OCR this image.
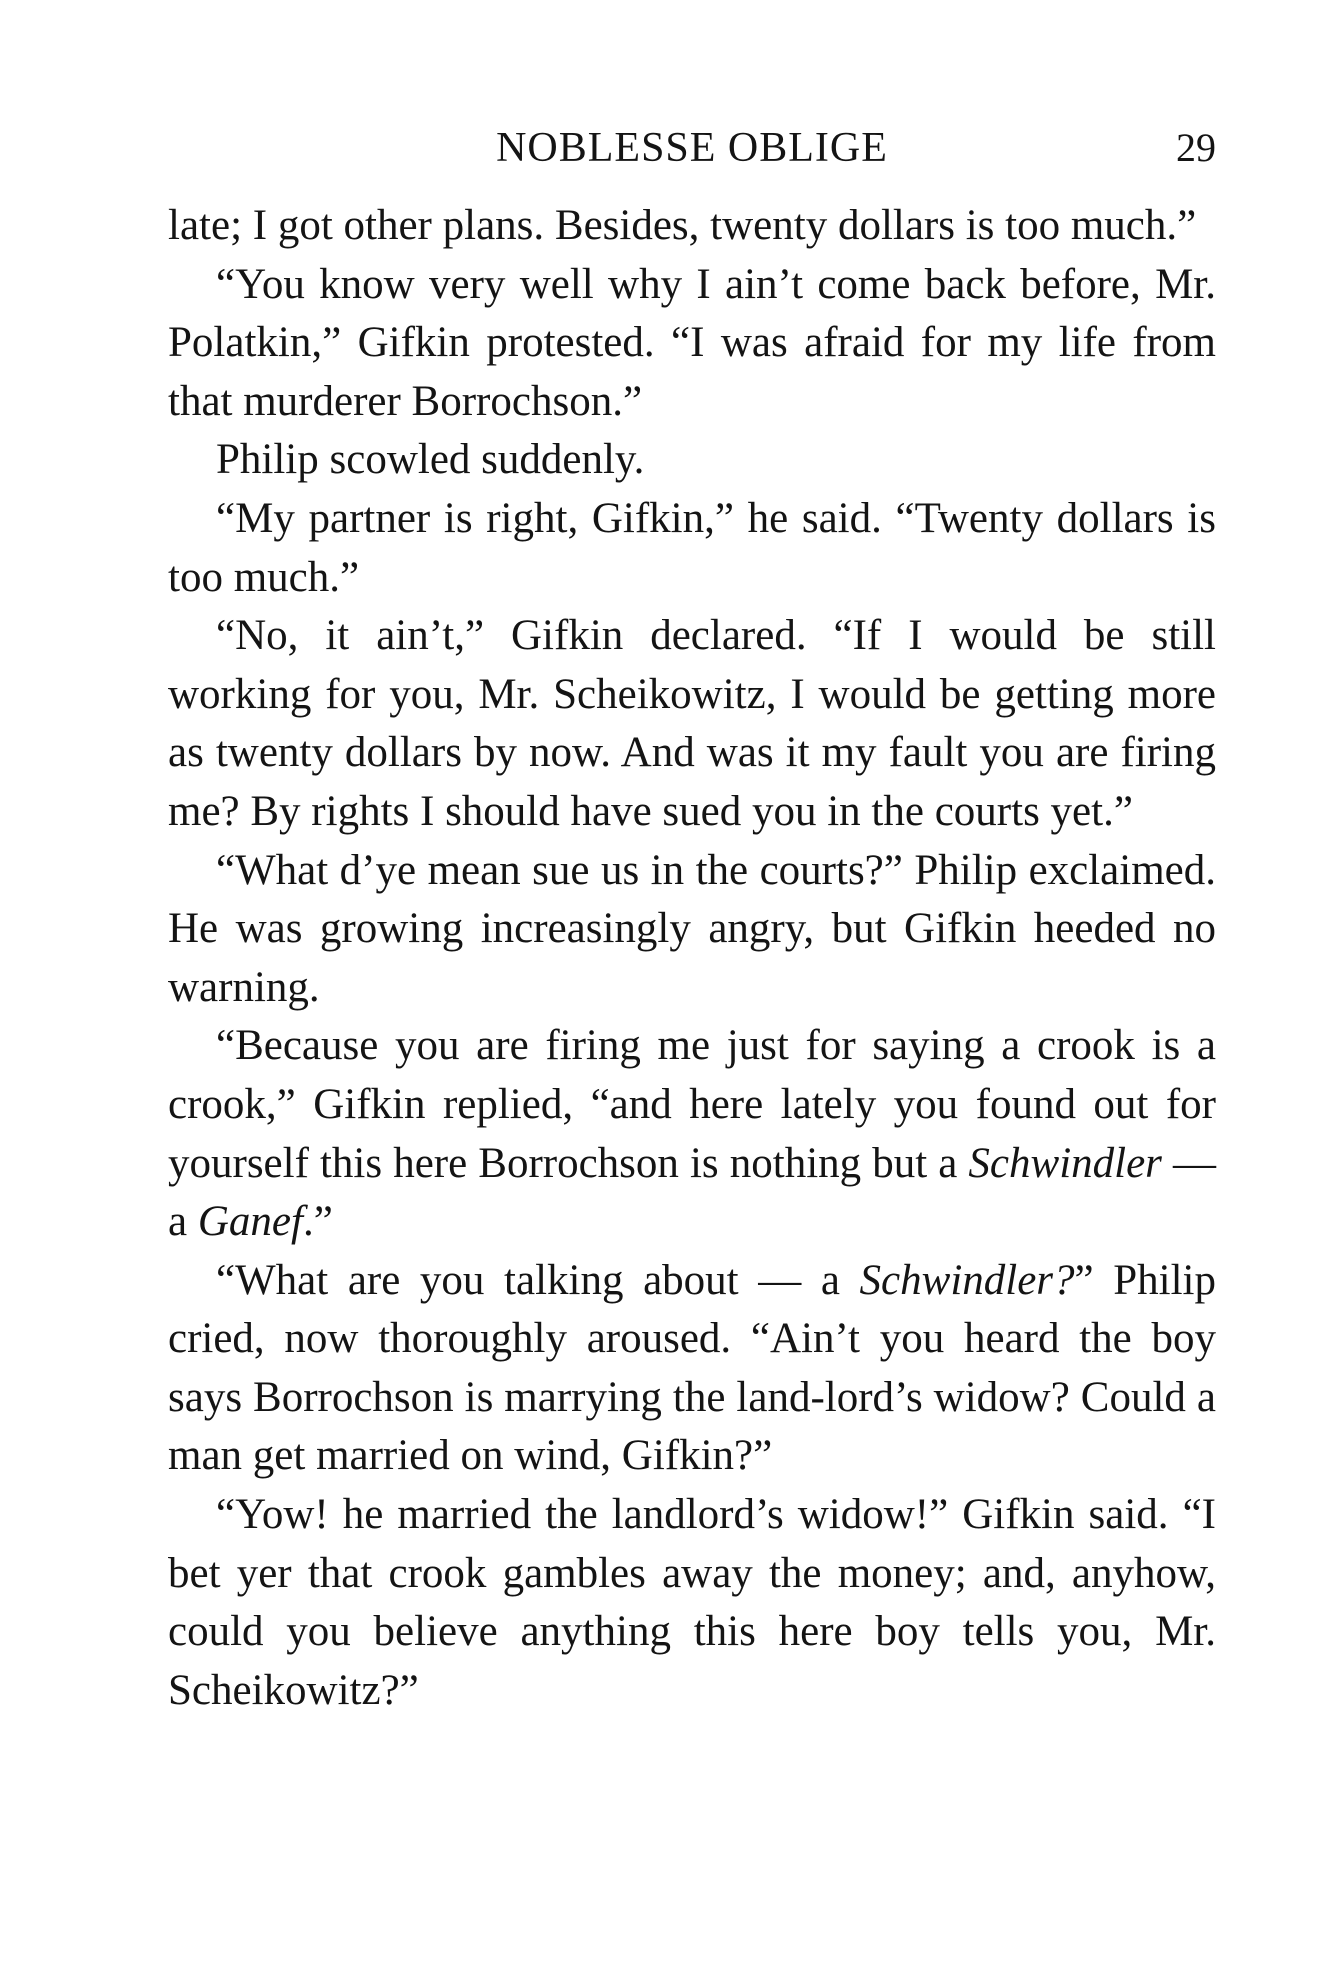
NOBLESSE OBLIGE	29

late; I got other plans. Besides, twenty dollars is too much.”

“You know very well why I ain’t come back before, Mr. Polatkin,” Gifkin protested. “I was afraid for my life from that murderer Borrochson.”

Philip scowled suddenly.

“My partner is right, Gifkin,” he said. “Twenty dollars is too much.”

“No, it ain’t,” Gifkin declared. “If I would be still working for you, Mr. Scheikowitz, I would be getting more as twenty dollars by now. And was it my fault you are firing me? By rights I should have sued you in the courts yet.”

“What d’ye mean sue us in the courts?” Philip exclaimed. He was growing increasingly angry, but Gifkin heeded no warning.

“Because you are firing me just for saying a crook is a crook,” Gifkin replied, “and here lately you found out for yourself this here Borrochson is nothing but a Schwindler — a Ganef.”

“What are you talking about — a Schwindler?” Philip cried, now thoroughly aroused. “Ain’t you heard the boy says Borrochson is marrying the land-lord’s widow? Could a man get married on wind, Gifkin?”

“Yow! he married the landlord’s widow!” Gifkin said. “I bet yer that crook gambles away the money; and, anyhow, could you believe anything this here boy tells you, Mr. Scheikowitz?”
